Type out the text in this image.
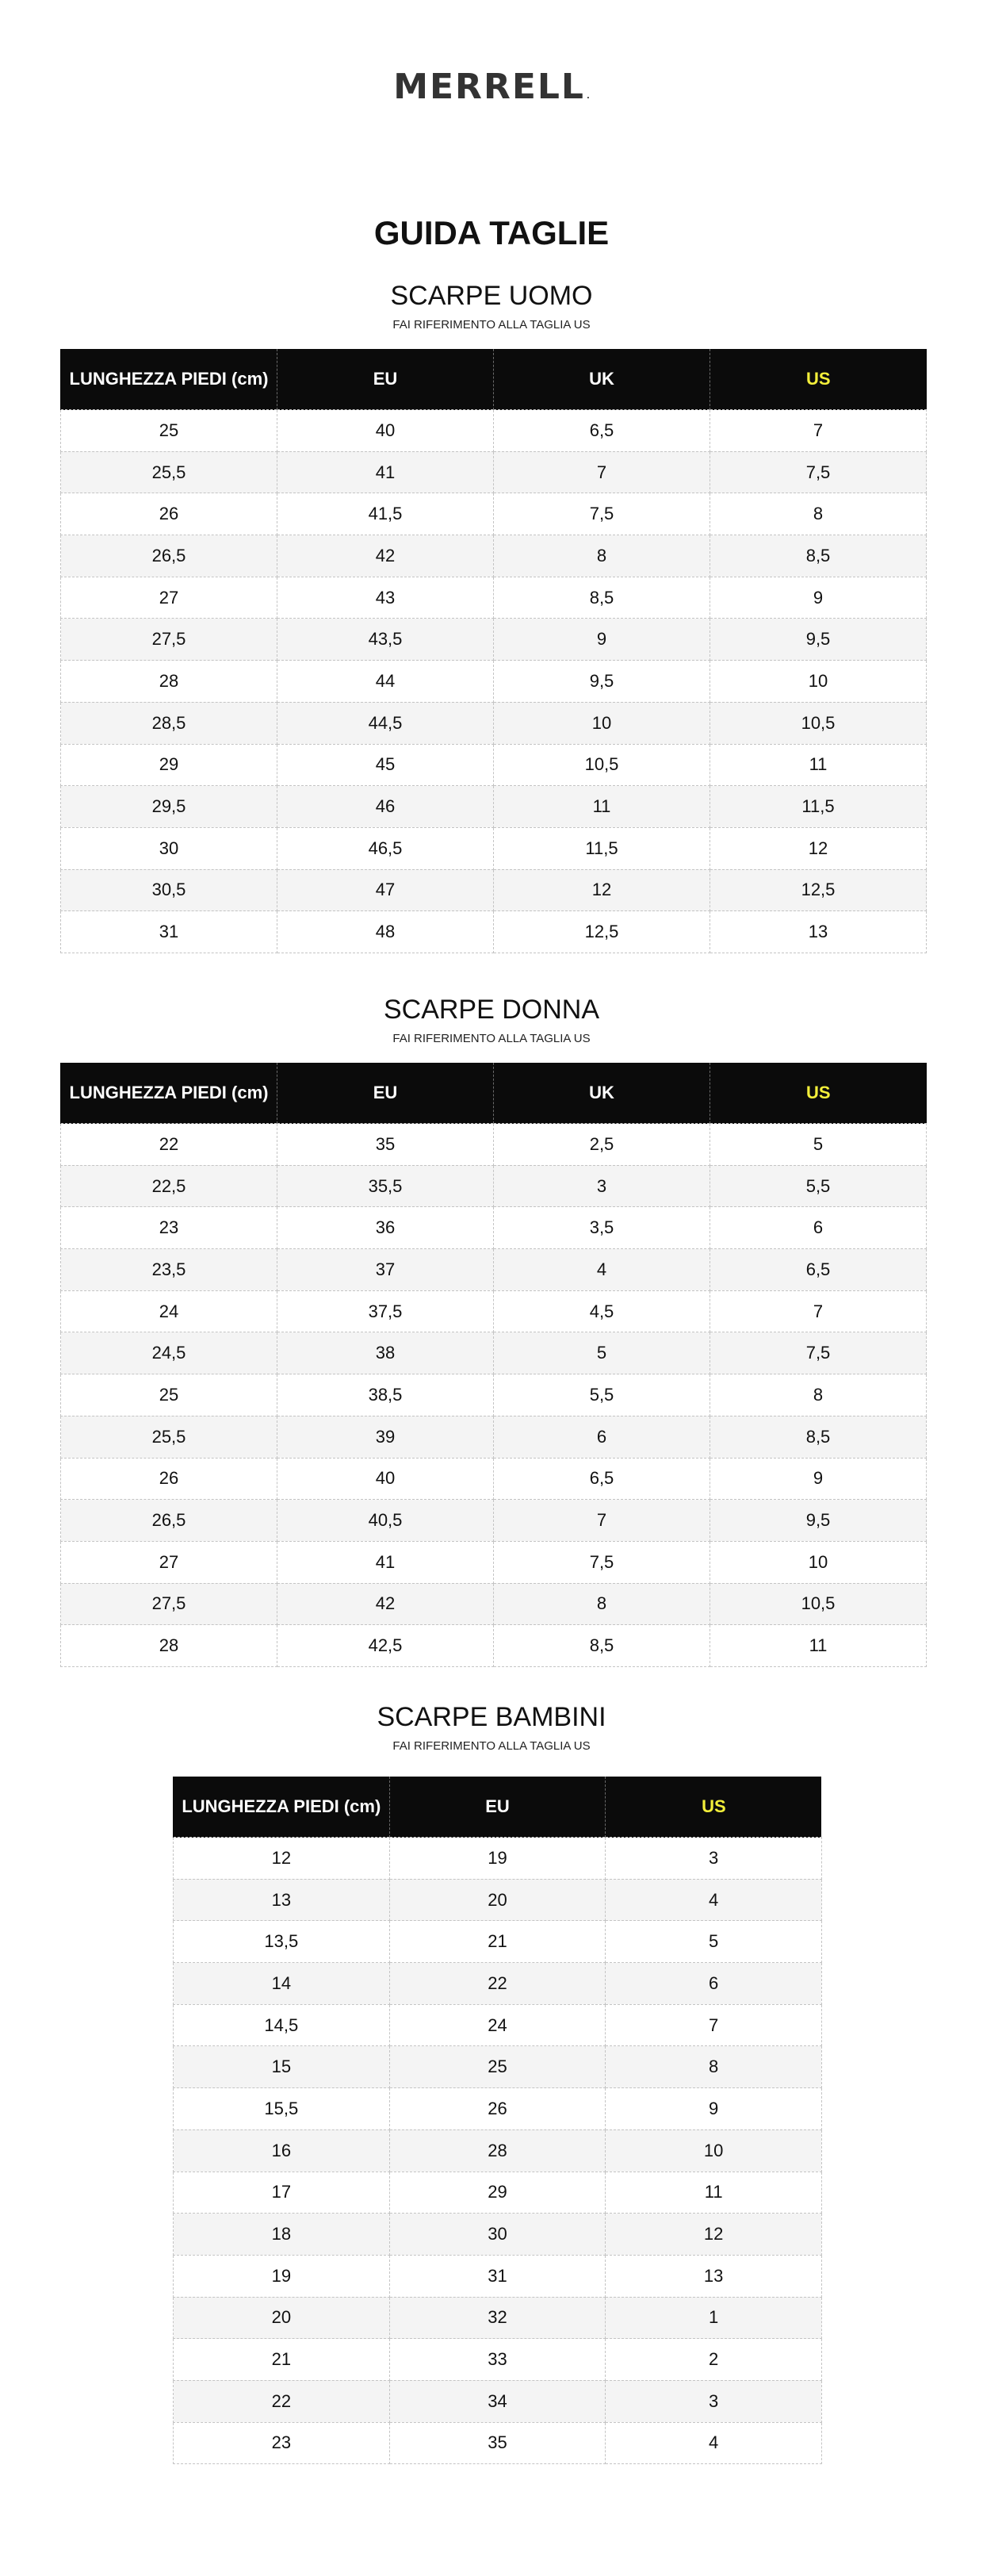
MERRELL .
GUIDA TAGLIE
SCARPE UOMO

FAI RIFERIMENTO ALLA TAGLIA US

LUNGHEZZA PIEDI (cm)	EU	UK	US
25	40	6,5	7
25,5	41	7	7,5
26	41,5	7,5	8
26,5	42	8	8,5
27	43	8,5	9
27,5	43,5	9	9,5
28	44	9,5	10
28,5	44,5	10	10,5
29	45	10,5	11
29,5	46	11	11,5
30	46,5	11,5	12
30,5	47	12	12,5
31	48	12,5	13
SCARPE DONNA

FAI RIFERIMENTO ALLA TAGLIA US

LUNGHEZZA PIEDI (cm)	EU	UK	US
22	35	2,5	5
22,5	35,5	3	5,5
23	36	3,5	6
23,5	37	4	6,5
24	37,5	4,5	7
24,5	38	5	7,5
25	38,5	5,5	8
25,5	39	6	8,5
26	40	6,5	9
26,5	40,5	7	9,5
27	41	7,5	10
27,5	42	8	10,5
28	42,5	8,5	11
SCARPE BAMBINI

FAI RIFERIMENTO ALLA TAGLIA US

LUNGHEZZA PIEDI (cm)	EU	US
12	19	3
13	20	4
13,5	21	5
14	22	6
14,5	24	7
15	25	8
15,5	26	9
16	28	10
17	29	11
18	30	12
19	31	13
20	32	1
21	33	2
22	34	3
23	35	4
